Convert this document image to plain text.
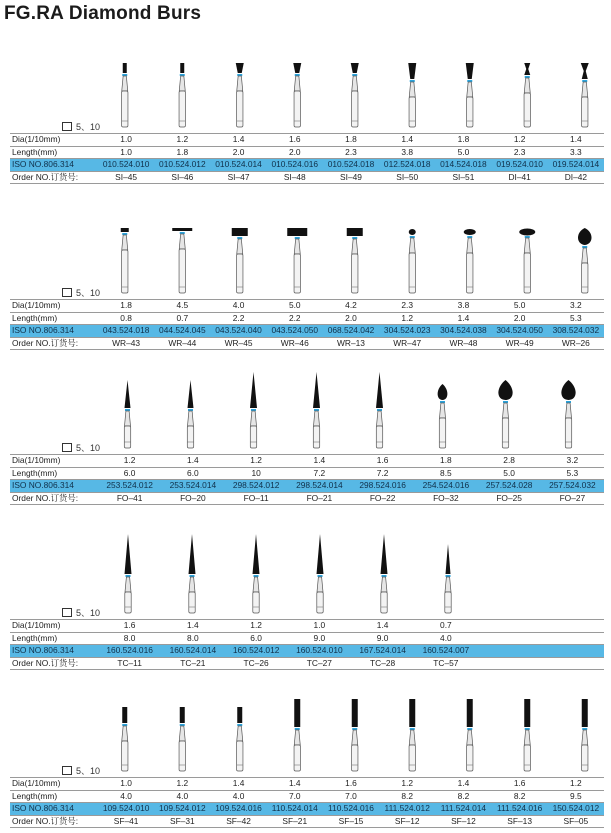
FG.RA Diamond Burs
5、10
Dia(1/10mm)	1.0	1.2	1.4	1.6	1.8	1.4	1.8	1.2	1.4
Length(mm)	1.0	1.8	2.0	2.0	2.3	3.8	5.0	2.3	3.3
ISO NO.806.314	010.524.010	010.524.012	010.524.014	010.524.016	010.524.018	012.524.018	014.524.018	019.524.010	019.524.014
Order NO.订货号:	SI–45	SI–46	SI–47	SI–48	SI–49	SI–50	SI–51	DI–41	DI–42
5、10
Dia(1/10mm)	1.8	4.5	4.0	5.0	4.2	2.3	3.8	5.0	3.2
Length(mm)	0.8	0.7	2.2	2.2	2.0	1.2	1.4	2.0	5.3
ISO NO.806.314	043.524.018	044.524.045	043.524.040	043.524.050	068.524.042	304.524.023	304.524.038	304.524.050	308.524.032
Order NO.订货号:	WR–43	WR–44	WR–45	WR–46	WR–13	WR–47	WR–48	WR–49	WR–26
5、10
Dia(1/10mm)	1.2	1.4	1.2	1.4	1.6	1.8	2.8	3.2
Length(mm)	6.0	6.0	10	7.2	7.2	8.5	5.0	5.3
ISO NO.806.314	253.524.012	253.524.014	298.524.012	298.524.014	298.524.016	254.524.016	257.524.028	257.524.032
Order NO.订货号:	FO–41	FO–20	FO–11	FO–21	FO–22	FO–32	FO–25	FO–27
5、10
Dia(1/10mm)	1.6	1.4	1.2	1.0	1.4	0.7		
Length(mm)	8.0	8.0	6.0	9.0	9.0	4.0		
ISO NO.806.314	160.524.016	160.524.014	160.524.012	160.524.010	167.524.014	160.524.007		
Order NO.订货号:	TC–11	TC–21	TC–26	TC–27	TC–28	TC–57		
5、10
Dia(1/10mm)	1.0	1.2	1.4	1.4	1.6	1.2	1.4	1.6	1.2
Length(mm)	4.0	4.0	4.0	7.0	7.0	8.2	8.2	8.2	9.5
ISO NO.806.314	109.524.010	109.524.012	109.524.016	110.524.014	110.524.016	111.524.012	111.524.014	111.524.016	150.524.012
Order NO.订货号:	SF–41	SF–31	SF–42	SF–21	SF–15	SF–12	SF–12	SF–13	SF–05
